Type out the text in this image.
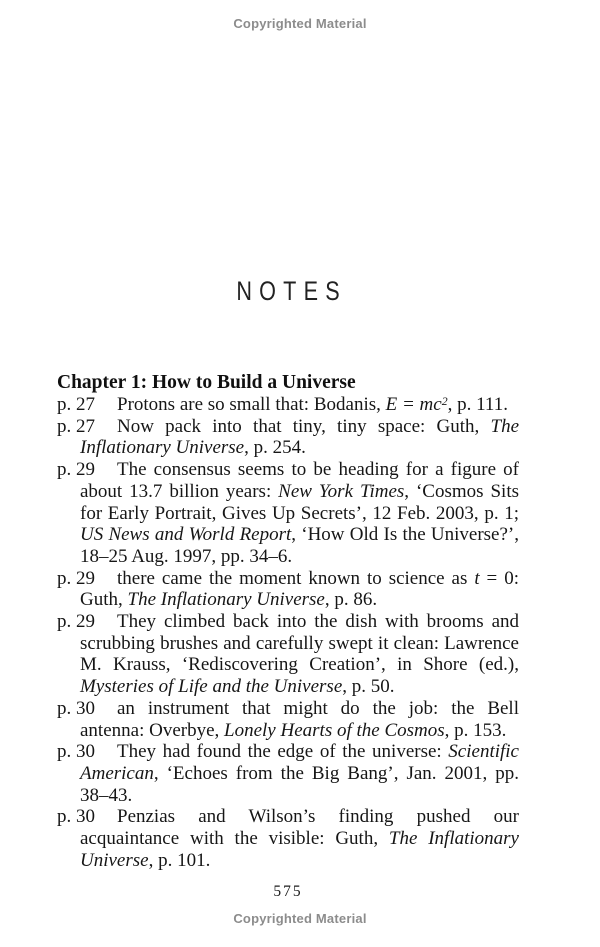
Copyrighted Material
NOTES
Chapter 1: How to Build a Universe

p. 27 Protons are so small that: Bodanis, $E = mc^2$, p. 111.

p. 27 Now pack into that tiny, tiny space: Guth, The Inflationary Universe, p. 254.

p. 29 The consensus seems to be heading for a figure of about 13.7 billion years: New York Times, ‘Cosmos Sits for Early Portrait, Gives Up Secrets’, 12 Feb. 2003, p. 1; US News and World Report, ‘How Old Is the Universe?’, 18–25 Aug. 1997, pp. 34–6.

p. 29 there came the moment known to science as t = 0: Guth, The Inflationary Universe, p. 86.

p. 29 They climbed back into the dish with brooms and scrubbing brushes and carefully swept it clean: Lawrence M. Krauss, ‘Rediscovering Creation’, in Shore (ed.), Mysteries of Life and the Universe, p. 50.

p. 30 an instrument that might do the job: the Bell antenna: Overbye, Lonely Hearts of the Cosmos, p. 153.

p. 30 They had found the edge of the universe: Scientific American, ‘Echoes from the Big Bang’, Jan. 2001, pp. 38–43.

p. 30 Penzias and Wilson’s finding pushed our acquaintance with the visible: Guth, The Inflationary Universe, p. 101.

575
Copyrighted Material
